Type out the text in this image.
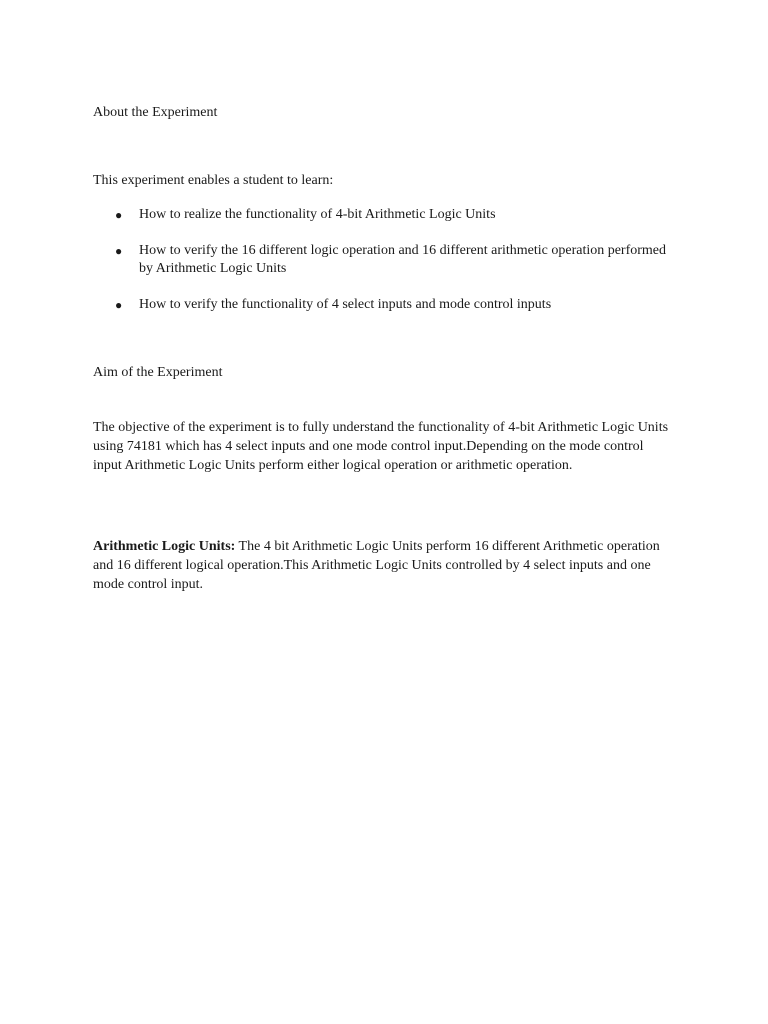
About the Experiment

This experiment enables a student to learn:

●	How to realize the functionality of 4-bit Arithmetic Logic Units
●	How to verify the 16 different logic operation and 16 different arithmetic operation performed by Arithmetic Logic Units
●	How to verify the functionality of 4 select inputs and mode control inputs
Aim of the Experiment

The objective of the experiment is to fully understand the functionality of 4-bit Arithmetic Logic Units using 74181 which has 4 select inputs and one mode control input.Depending on the mode control input Arithmetic Logic Units perform either logical operation or arithmetic operation.

Arithmetic Logic Units: The 4 bit Arithmetic Logic Units perform 16 different Arithmetic operation and 16 different logical operation.This Arithmetic Logic Units controlled by 4 select inputs and one mode control input.
